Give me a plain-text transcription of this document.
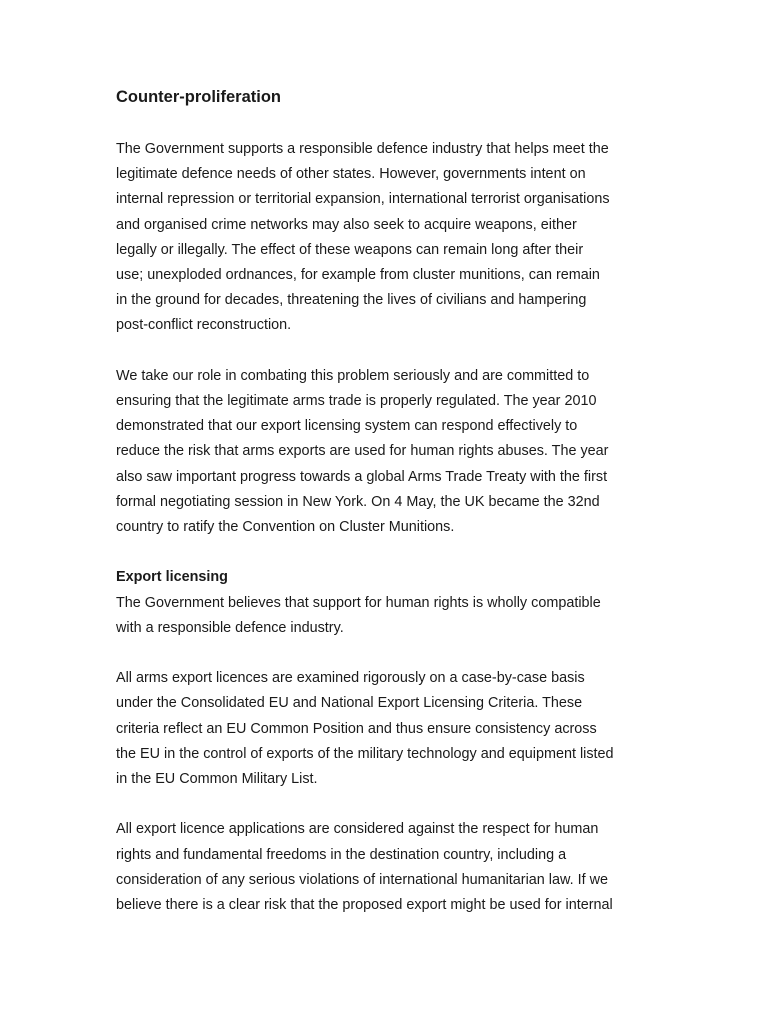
Counter-proliferation
The Government supports a responsible defence industry that helps meet the
legitimate defence needs of other states. However, governments intent on
internal repression or territorial expansion, international terrorist organisations
and organised crime networks may also seek to acquire weapons, either
legally or illegally. The effect of these weapons can remain long after their
use; unexploded ordnances, for example from cluster munitions, can remain
in the ground for decades, threatening the lives of civilians and hampering
post-conflict reconstruction.
We take our role in combating this problem seriously and are committed to
ensuring that the legitimate arms trade is properly regulated. The year 2010
demonstrated that our export licensing system can respond effectively to
reduce the risk that arms exports are used for human rights abuses. The year
also saw important progress towards a global Arms Trade Treaty with the first
formal negotiating session in New York. On 4 May, the UK became the 32nd
country to ratify the Convention on Cluster Munitions.
Export licensing
The Government believes that support for human rights is wholly compatible
with a responsible defence industry.
All arms export licences are examined rigorously on a case-by-case basis
under the Consolidated EU and National Export Licensing Criteria. These
criteria reflect an EU Common Position and thus ensure consistency across
the EU in the control of exports of the military technology and equipment listed
in the EU Common Military List.
All export licence applications are considered against the respect for human
rights and fundamental freedoms in the destination country, including a
consideration of any serious violations of international humanitarian law. If we
believe there is a clear risk that the proposed export might be used for internal
